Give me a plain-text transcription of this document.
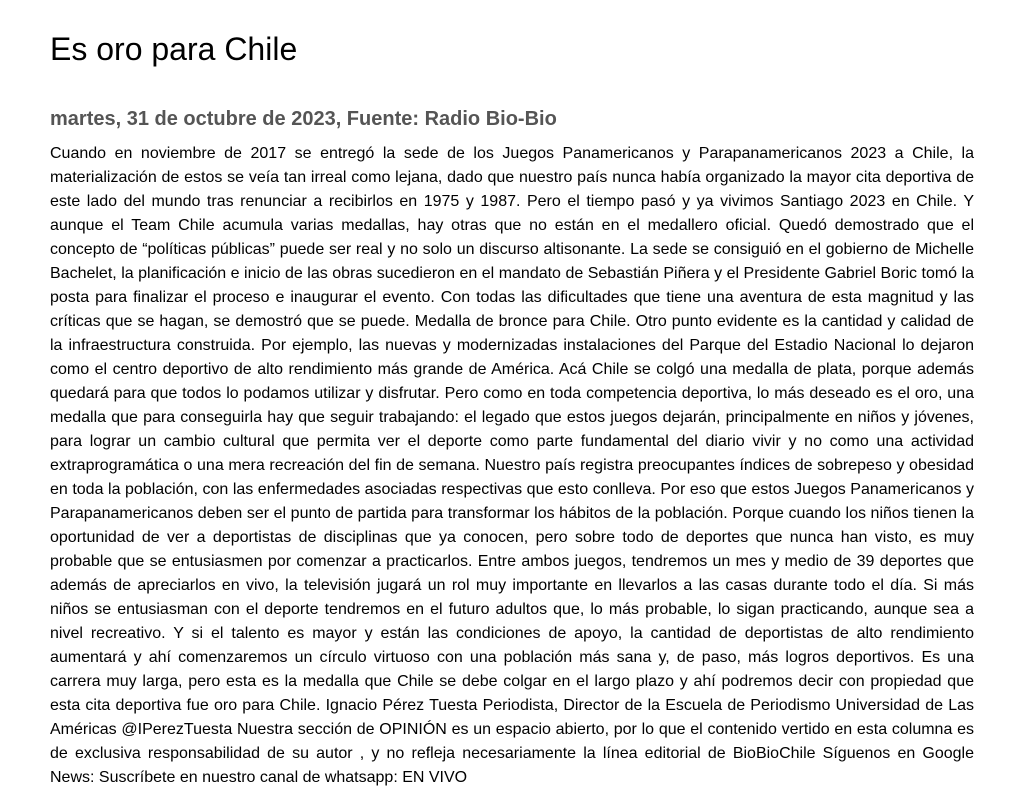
Es oro para Chile
martes, 31 de octubre de 2023, Fuente: Radio Bio-Bio

Cuando en noviembre de 2017 se entregó la sede de los Juegos Panamericanos y Parapanamericanos 2023 a Chile, la materialización de estos se veía tan irreal como lejana, dado que nuestro país nunca había organizado la mayor cita deportiva de este lado del mundo tras renunciar a recibirlos en 1975 y 1987. Pero el tiempo pasó y ya vivimos Santiago 2023 en Chile. Y aunque el Team Chile acumula varias medallas, hay otras que no están en el medallero oficial. Quedó demostrado que el concepto de “políticas públicas” puede ser real y no solo un discurso altisonante. La sede se consiguió en el gobierno de Michelle Bachelet, la planificación e inicio de las obras sucedieron en el mandato de Sebastián Piñera y el Presidente Gabriel Boric tomó la posta para finalizar el proceso e inaugurar el evento. Con todas las dificultades que tiene una aventura de esta magnitud y las críticas que se hagan, se demostró que se puede. Medalla de bronce para Chile. Otro punto evidente es la cantidad y calidad de la infraestructura construida. Por ejemplo, las nuevas y modernizadas instalaciones del Parque del Estadio Nacional lo dejaron como el centro deportivo de alto rendimiento más grande de América. Acá Chile se colgó una medalla de plata, porque además quedará para que todos lo podamos utilizar y disfrutar. Pero como en toda competencia deportiva, lo más deseado es el oro, una medalla que para conseguirla hay que seguir trabajando: el legado que estos juegos dejarán, principalmente en niños y jóvenes, para lograr un cambio cultural que permita ver el deporte como parte fundamental del diario vivir y no como una actividad extraprogramática o una mera recreación del fin de semana. Nuestro país registra preocupantes índices de sobrepeso y obesidad en toda la población, con las enfermedades asociadas respectivas que esto conlleva. Por eso que estos Juegos Panamericanos y Parapanamericanos deben ser el punto de partida para transformar los hábitos de la población. Porque cuando los niños tienen la oportunidad de ver a deportistas de disciplinas que ya conocen, pero sobre todo de deportes que nunca han visto, es muy probable que se entusiasmen por comenzar a practicarlos. Entre ambos juegos, tendremos un mes y medio de 39 deportes que además de apreciarlos en vivo, la televisión jugará un rol muy importante en llevarlos a las casas durante todo el día. Si más niños se entusiasman con el deporte tendremos en el futuro adultos que, lo más probable, lo sigan practicando, aunque sea a nivel recreativo. Y si el talento es mayor y están las condiciones de apoyo, la cantidad de deportistas de alto rendimiento aumentará y ahí comenzaremos un círculo virtuoso con una población más sana y, de paso, más logros deportivos. Es una carrera muy larga, pero esta es la medalla que Chile se debe colgar en el largo plazo y ahí podremos decir con propiedad que esta cita deportiva fue oro para Chile. Ignacio Pérez Tuesta Periodista, Director de la Escuela de Periodismo Universidad de Las Américas @IPerezTuesta Nuestra sección de OPINIÓN es un espacio abierto, por lo que el contenido vertido en esta columna es de exclusiva responsabilidad de su autor , y no refleja necesariamente la línea editorial de BioBioChile Síguenos en Google News: Suscríbete en nuestro canal de whatsapp: EN VIVO
